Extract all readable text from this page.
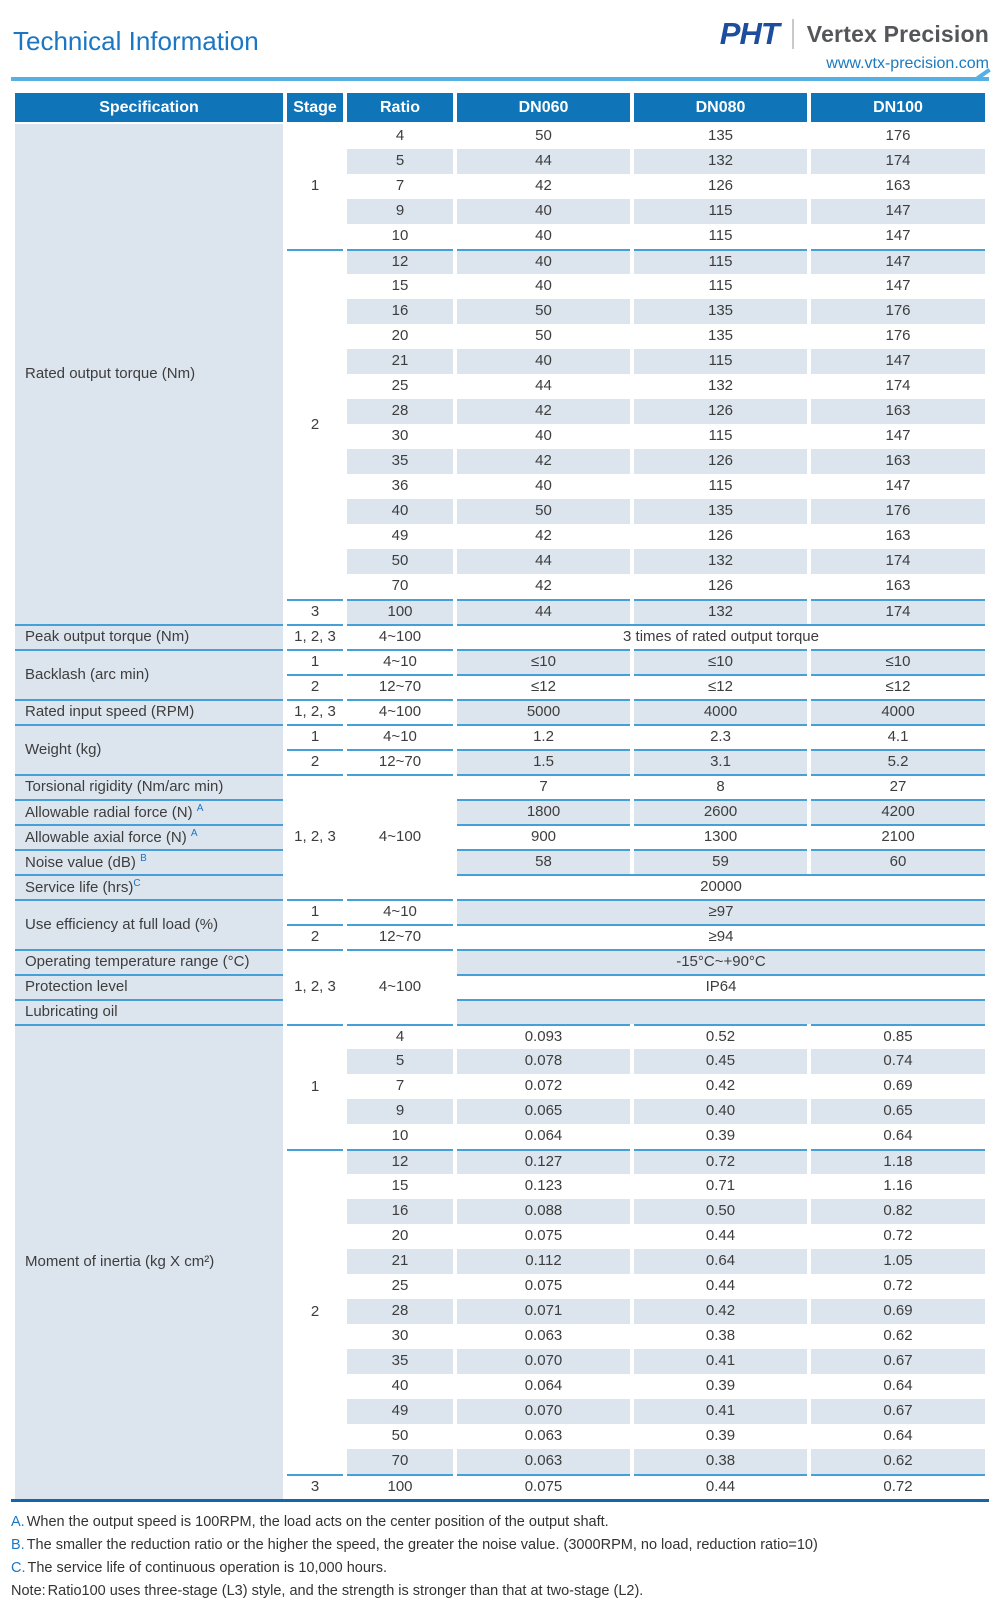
Technical Information	PHT Vertex Precision
www.vtx-precision.com
Specification	Stage	Ratio	DN060	DN080	DN100
Rated output torque (Nm)	1	4	50	135	176
		5	44	132	174
		7	42	126	163
		9	40	115	147
		10	40	115	147
	2	12	40	115	147
		15	40	115	147
		16	50	135	176
		20	50	135	176
		21	40	115	147
		25	44	132	174
		28	42	126	163
		30	40	115	147
		35	42	126	163
		36	40	115	147
		40	50	135	176
		49	42	126	163
		50	44	132	174
		70	42	126	163
	3	100	44	132	174
Peak output torque (Nm)	1, 2, 3	4~100	3 times of rated output torque		
Backlash (arc min)	1	4~10	≤10	≤10	≤10
	2	12~70	≤12	≤12	≤12
Rated input speed (RPM)	1, 2, 3	4~100	5000	4000	4000
Weight (kg)	1	4~10	1.2	2.3	4.1
	2	12~70	1.5	3.1	5.2
Torsional rigidity (Nm/arc min)	1, 2, 3	4~100	7	8	27
Allowable radial force (N) $^A$			1800	2600	4200
Allowable axial force (N) $^A$			900	1300	2100
Noise value (dB) $^B$			58	59	60
Service life (hrs)$^C$			20000		
Use efficiency at full load (%)	1	4~10	≥97		
	2	12~70	≥94		
Operating temperature range (°C)	1, 2, 3	4~100	-15°C~+90°C		
Protection level			IP64		
Lubricating oil					
Moment of inertia (kg X cm²)	1	4	0.093	0.52	0.85
		5	0.078	0.45	0.74
		7	0.072	0.42	0.69
		9	0.065	0.40	0.65
		10	0.064	0.39	0.64
	2	12	0.127	0.72	1.18
		15	0.123	0.71	1.16
		16	0.088	0.50	0.82
		20	0.075	0.44	0.72
		21	0.112	0.64	1.05
		25	0.075	0.44	0.72
		28	0.071	0.42	0.69
		30	0.063	0.38	0.62
		35	0.070	0.41	0.67
		40	0.064	0.39	0.64
		49	0.070	0.41	0.67
		50	0.063	0.39	0.64
		70	0.063	0.38	0.62
	3	100	0.075	0.44	0.72
A. When the output speed is 100RPM, the load acts on the center position of the output shaft.
B. The smaller the reduction ratio or the higher the speed, the greater the noise value. (3000RPM, no load, reduction ratio=10)
C. The service life of continuous operation is 10,000 hours.
Note: Ratio100 uses three-stage (L3) style, and the strength is stronger than that at two-stage (L2).
